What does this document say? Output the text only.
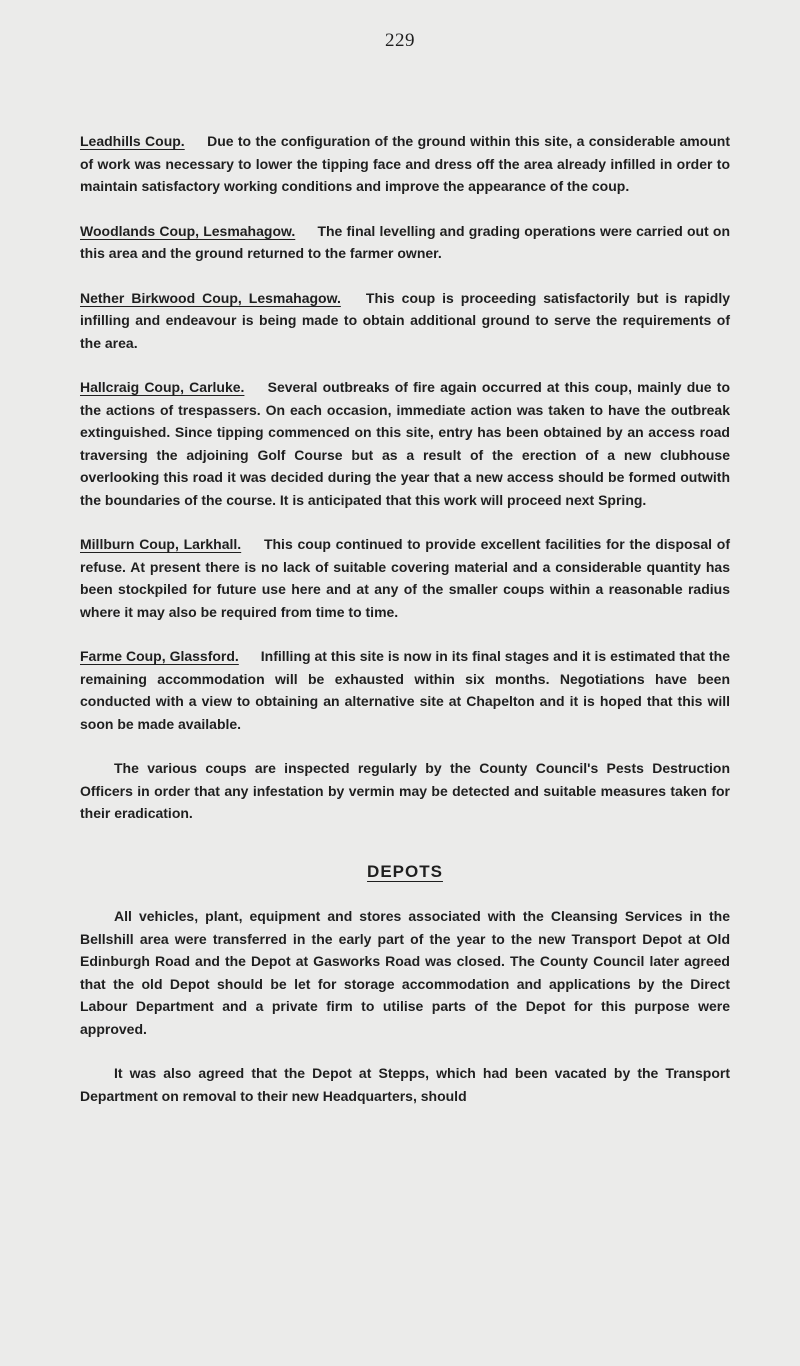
229

Leadhills Coup. Due to the configuration of the ground within this site, a considerable amount of work was necessary to lower the tipping face and dress off the area already infilled in order to maintain satisfactory working conditions and improve the appearance of the coup.

Woodlands Coup, Lesmahagow. The final levelling and grading operations were carried out on this area and the ground returned to the farmer owner.

Nether Birkwood Coup, Lesmahagow. This coup is proceeding satisfactorily but is rapidly infilling and endeavour is being made to obtain additional ground to serve the requirements of the area.

Hallcraig Coup, Carluke. Several outbreaks of fire again occurred at this coup, mainly due to the actions of trespassers. On each occasion, immediate action was taken to have the outbreak extinguished. Since tipping commenced on this site, entry has been obtained by an access road traversing the adjoining Golf Course but as a result of the erection of a new clubhouse overlooking this road it was decided during the year that a new access should be formed outwith the boundaries of the course. It is anticipated that this work will proceed next Spring.

Millburn Coup, Larkhall. This coup continued to provide excellent facilities for the disposal of refuse. At present there is no lack of suitable covering material and a considerable quantity has been stockpiled for future use here and at any of the smaller coups within a reasonable radius where it may also be required from time to time.

Farme Coup, Glassford. Infilling at this site is now in its final stages and it is estimated that the remaining accommodation will be exhausted within six months. Negotiations have been conducted with a view to obtaining an alternative site at Chapelton and it is hoped that this will soon be made available.

The various coups are inspected regularly by the County Council's Pests Destruction Officers in order that any infestation by vermin may be detected and suitable measures taken for their eradication.

DEPOTS

All vehicles, plant, equipment and stores associated with the Cleansing Services in the Bellshill area were transferred in the early part of the year to the new Transport Depot at Old Edinburgh Road and the Depot at Gasworks Road was closed. The County Council later agreed that the old Depot should be let for storage accommodation and applications by the Direct Labour Department and a private firm to utilise parts of the Depot for this purpose were approved.

It was also agreed that the Depot at Stepps, which had been vacated by the Transport Department on removal to their new Headquarters, should
